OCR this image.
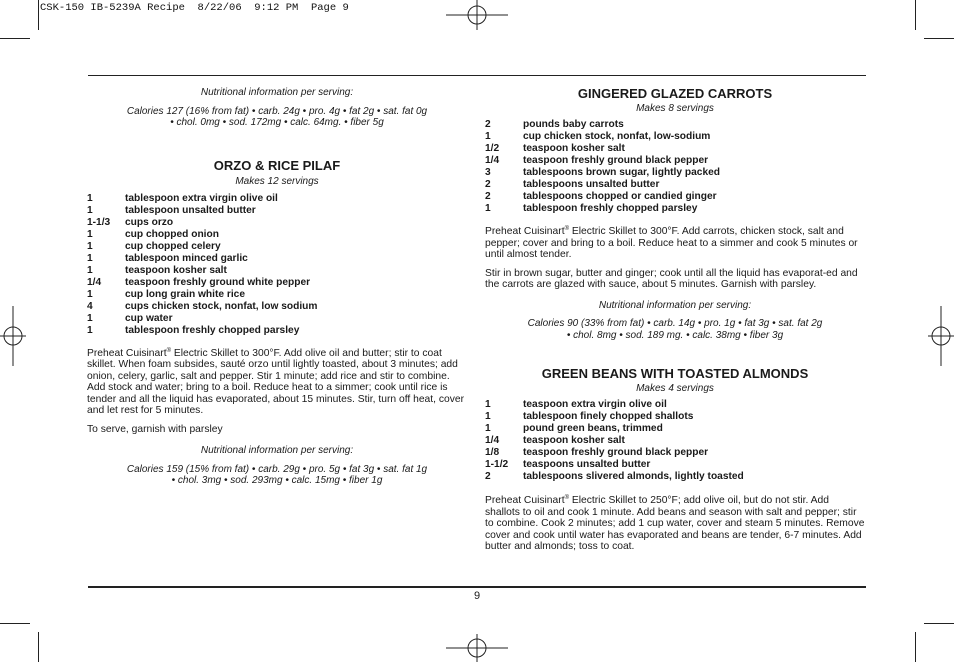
CSK-150 IB-5239A Recipe  8/22/06  9:12 PM  Page 9

Nutritional information per serving:

Calories 127 (16% from fat) • carb. 24g • pro. 4g • fat 2g • sat. fat 0g

• chol. 0mg • sod. 172mg • calc. 64mg. • fiber 5g

ORZO & RICE PILAF

Makes 12 servings

1	tablespoon extra virgin olive oil
1	tablespoon unsalted butter
1-1/3	cups orzo
1	cup chopped onion
1	cup chopped celery
1	tablespoon minced garlic
1	teaspoon kosher salt
1/4	teaspoon freshly ground white pepper
1	cup long grain white rice
4	cups chicken stock, nonfat, low sodium
1	cup water
1	tablespoon freshly chopped parsley

Preheat Cuisinart® Electric Skillet to 300°F. Add olive oil and butter; stir to coat skillet. When foam subsides, sauté orzo until lightly toasted, about 3 minutes; add onion, celery, garlic, salt and pepper. Stir 1 minute; add rice and stir to combine. Add stock and water; bring to a boil. Reduce heat to a simmer; cook until rice is tender and all the liquid has evaporated, about 15 minutes. Stir, turn off heat, cover and let rest for 5 minutes.

To serve, garnish with parsley

Nutritional information per serving:

Calories 159 (15% from fat) • carb. 29g • pro. 5g • fat 3g • sat. fat 1g

• chol. 3mg • sod. 293mg • calc. 15mg • fiber 1g

GINGERED GLAZED CARROTS

Makes 8 servings

2	pounds baby carrots
1	cup chicken stock, nonfat, low-sodium
1/2	teaspoon kosher salt
1/4	teaspoon freshly ground black pepper
3	tablespoons brown sugar, lightly packed
2	tablespoons unsalted butter
2	tablespoons chopped or candied ginger
1	tablespoon freshly chopped parsley

Preheat Cuisinart® Electric Skillet to 300°F. Add carrots, chicken stock, salt and pepper; cover and bring to a boil. Reduce heat to a simmer and cook 5 minutes or until almost tender.

Stir in brown sugar, butter and ginger; cook until all the liquid has evaporat-ed and the carrots are glazed with sauce, about 5 minutes. Garnish with parsley.

Nutritional information per serving:

Calories 90 (33% from fat) • carb. 14g • pro. 1g • fat 3g • sat. fat 2g

• chol. 8mg • sod. 189 mg. • calc. 38mg • fiber 3g

GREEN BEANS WITH TOASTED ALMONDS

Makes 4 servings

1	teaspoon extra virgin olive oil
1	tablespoon finely chopped shallots
1	pound green beans, trimmed
1/4	teaspoon kosher salt
1/8	teaspoon freshly ground black pepper
1-1/2	teaspoons unsalted butter
2	tablespoons slivered almonds, lightly toasted

Preheat Cuisinart® Electric Skillet to 250°F; add olive oil, but do not stir. Add shallots to oil and cook 1 minute. Add beans and season with salt and pepper; stir to combine. Cook 2 minutes; add 1 cup water, cover and steam 5 minutes. Remove cover and cook until water has evaporated and beans are tender, 6-7 minutes. Add butter and almonds; toss to coat.

9
